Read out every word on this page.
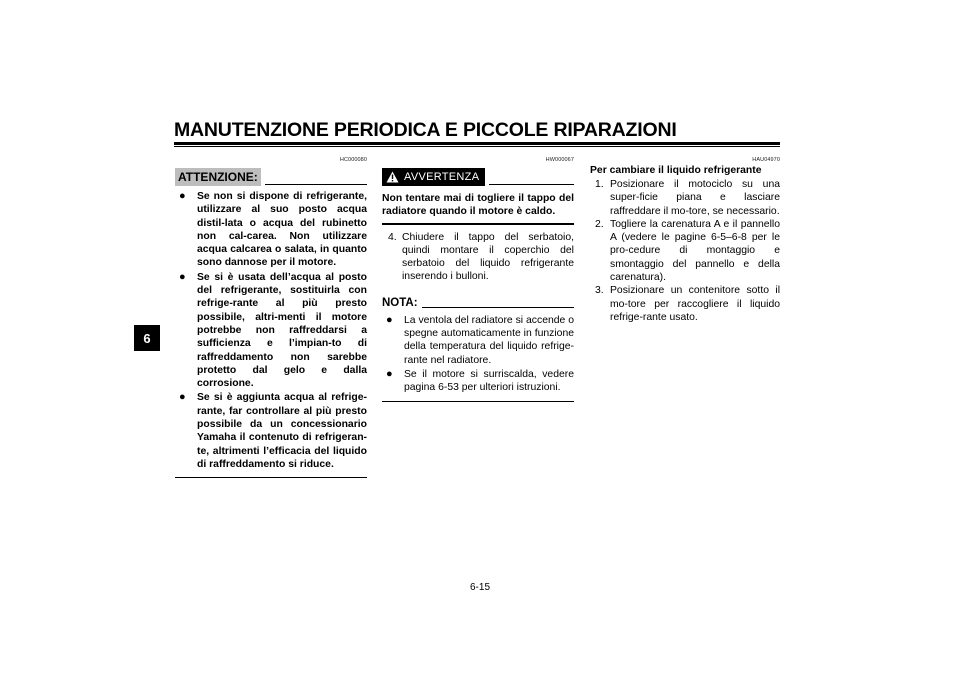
MANUTENZIONE PERIODICA E PICCOLE RIPARAZIONI
6
HC000080
ATTENZIONE:
● Se non si dispone di refrigerante, utilizzare al suo posto acqua distil-lata o acqua del rubinetto non cal-carea. Non utilizzare acqua calcarea o salata, in quanto sono dannose per il motore.
● Se si è usata dell’acqua al posto del refrigerante, sostituirla con refrige-rante al più presto possibile, altri-menti il motore potrebbe non raffreddarsi a sufficienza e l’impian-to di raffreddamento non sarebbe protetto dal gelo e dalla corrosione.
● Se si è aggiunta acqua al refrige-rante, far controllare al più presto possibile da un concessionario Yamaha il contenuto di refrigeran-te, altrimenti l’efficacia del liquido di raffreddamento si riduce.
HW000067
AVVERTENZA
Non tentare mai di togliere il tappo del radiatore quando il motore è caldo.
4. Chiudere il tappo del serbatoio, quindi montare il coperchio del serbatoio del liquido refrigerante inserendo i bulloni.
NOTA:
● La ventola del radiatore si accende o spegne automaticamente in funzione della temperatura del liquido refrige-rante nel radiatore.
● Se il motore si surriscalda, vedere pagina 6-53 per ulteriori istruzioni.
HAU04970
Per cambiare il liquido refrigerante
1. Posizionare il motociclo su una super-ficie piana e lasciare raffreddare il mo-tore, se necessario.
2. Togliere la carenatura A e il pannello A (vedere le pagine 6-5–6-8 per le pro-cedure di montaggio e smontaggio del pannello e della carenatura).
3. Posizionare un contenitore sotto il mo-tore per raccogliere il liquido refrige-rante usato.
6-15
